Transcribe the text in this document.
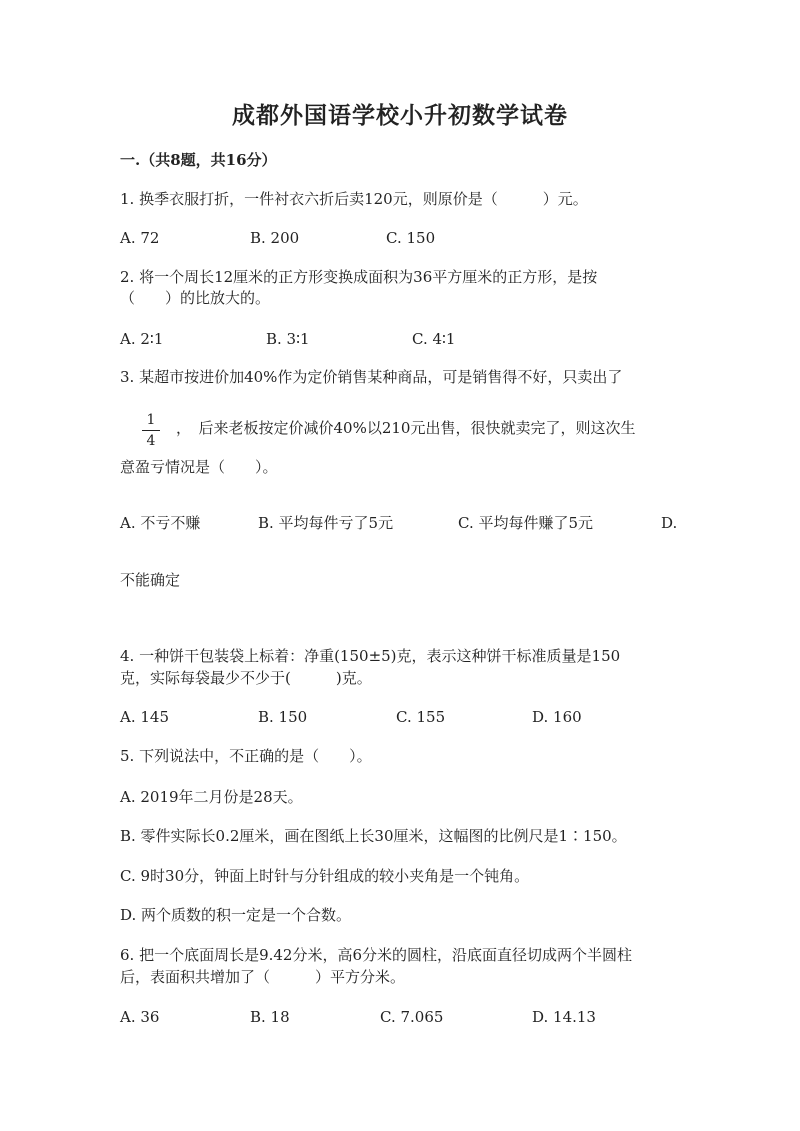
成都外国语学校小升初数学试卷
一.（共8题，共16分）
1. 换季衣服打折，一件衬衣六折后卖120元，则原价是（　　　）元。
A. 72	B. 200	C. 150
2. 将一个周长12厘米的正方形变换成面积为36平方厘米的正方形，是按
（　　）的比放大的。
A. 2∶1	B. 3∶1	C. 4∶1
3. 某超市按进价加40%作为定价销售某种商品，可是销售得不好，只卖出了
1
4
，　后来老板按定价减价40%以210元出售，很快就卖完了，则这次生
意盈亏情况是（　　）。
A. 不亏不赚	B. 平均每件亏了5元	C. 平均每件赚了5元	D.
不能确定
4. 一种饼干包装袋上标着：净重(150±5)克，表示这种饼干标准质量是150
克，实际每袋最少不少于(　　　)克。
A. 145	B. 150	C. 155	D. 160
5. 下列说法中，不正确的是（　　）。
A. 2019年二月份是28天。
B. 零件实际长0.2厘米，画在图纸上长30厘米，这幅图的比例尺是1∶150。
C. 9时30分，钟面上时针与分针组成的较小夹角是一个钝角。
D. 两个质数的积一定是一个合数。
6. 把一个底面周长是9.42分米，高6分米的圆柱，沿底面直径切成两个半圆柱
后，表面积共增加了（　　　）平方分米。
A. 36	B. 18	C. 7.065	D. 14.13
